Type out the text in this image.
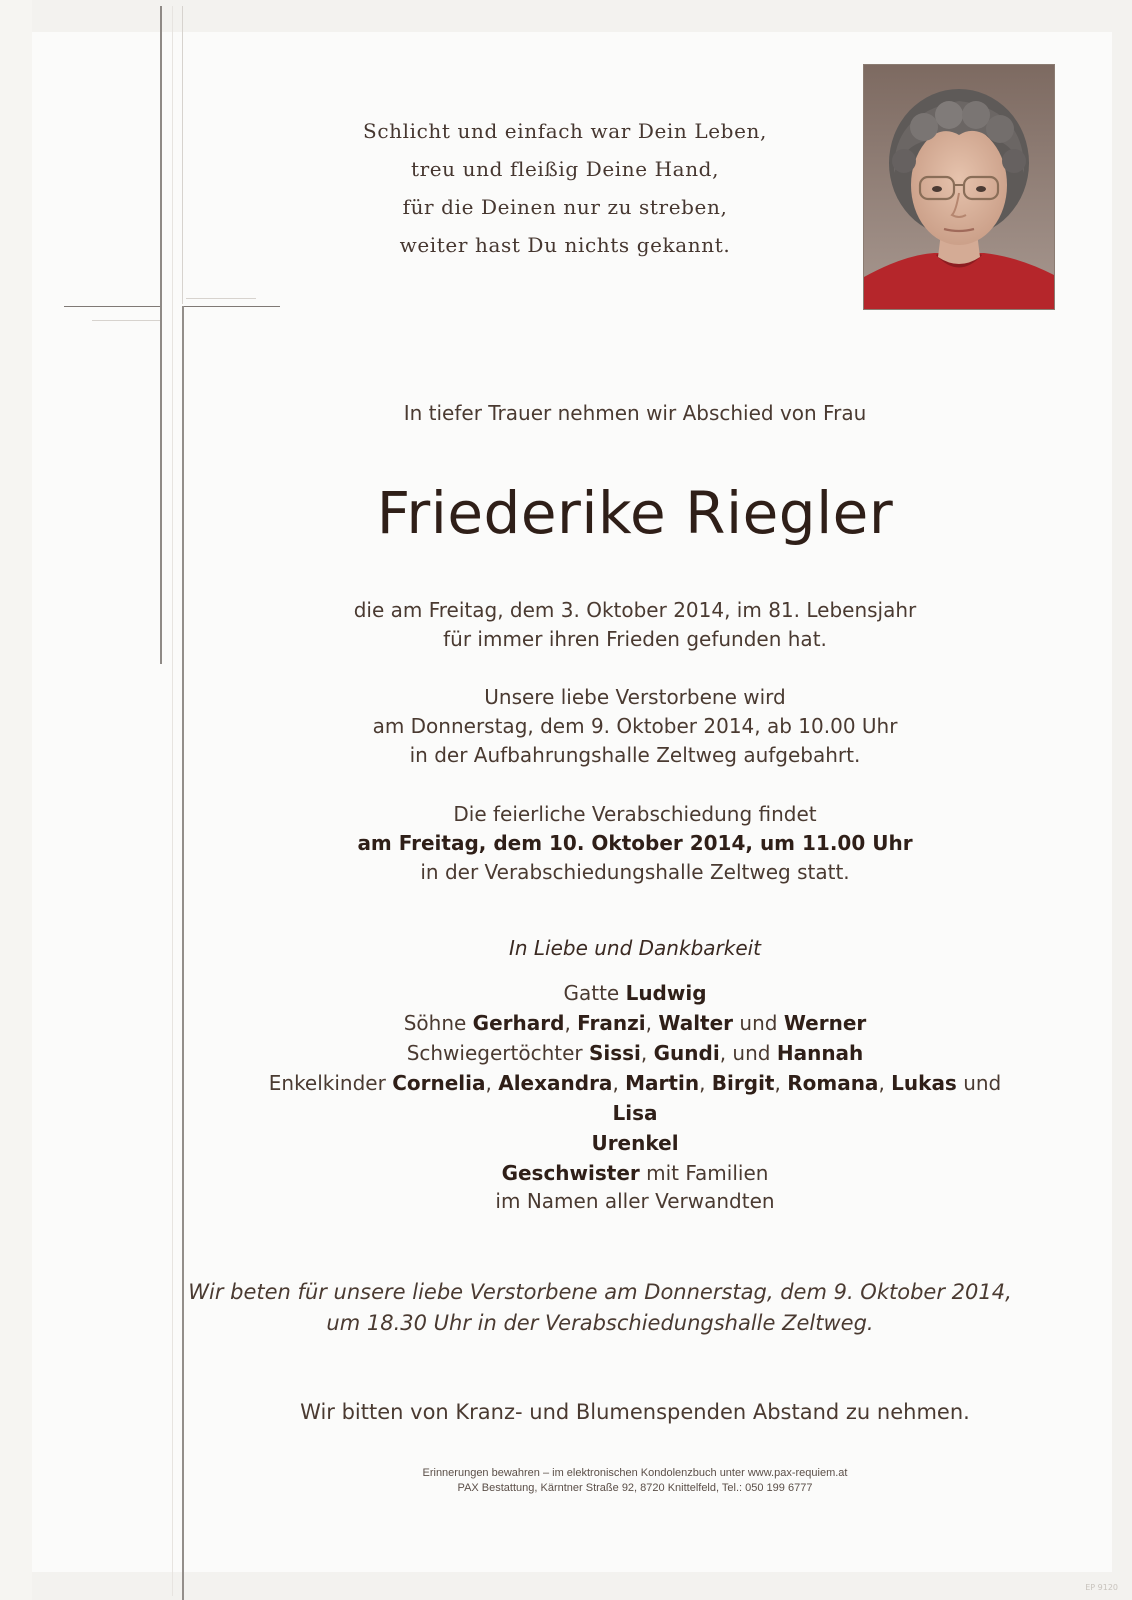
Schlicht und einfach war Dein Leben,

treu und fleißig Deine Hand,

für die Deinen nur zu streben,

weiter hast Du nichts gekannt.

In tiefer Trauer nehmen wir Abschied von Frau
Friederike Riegler
die am Freitag, dem 3. Oktober 2014, im 81. Lebensjahr
für immer ihren Frieden gefunden hat.
Unsere liebe Verstorbene wird
am Donnerstag, dem 9. Oktober 2014, ab 10.00 Uhr
in der Aufbahrungshalle Zeltweg aufgebahrt.
Die feierliche Verabschiedung findet
am Freitag, dem 10. Oktober 2014, um 11.00 Uhr
in der Verabschiedungshalle Zeltweg statt.
In Liebe und Dankbarkeit
Gatte Ludwig
Söhne Gerhard, Franzi, Walter und Werner
Schwiegertöchter Sissi, Gundi, und Hannah
Enkelkinder Cornelia, Alexandra, Martin, Birgit, Romana, Lukas und Lisa
Urenkel
Geschwister mit Familien
im Namen aller Verwandten
Wir beten für unsere liebe Verstorbene am Donnerstag, dem 9. Oktober 2014,
um 18.30 Uhr in der Verabschiedungshalle Zeltweg.
Wir bitten von Kranz- und Blumenspenden Abstand zu nehmen.
Erinnerungen bewahren – im elektronischen Kondolenzbuch unter www.pax-requiem.at
PAX Bestattung, Kärntner Straße 92, 8720 Knittelfeld, Tel.: 050 199 6777
EP 9120
